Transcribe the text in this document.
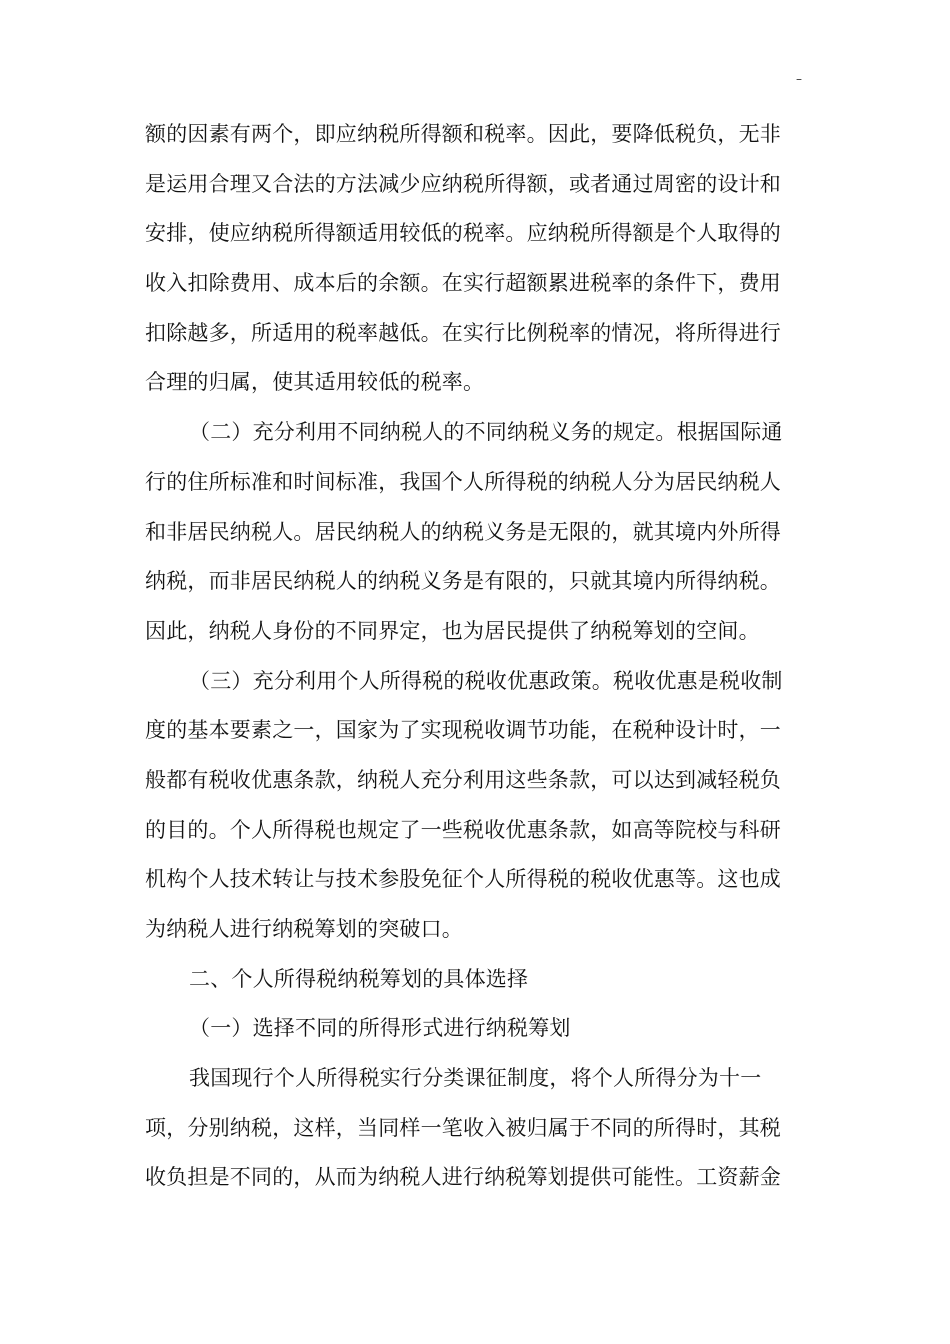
–
额的因素有两个，即应纳税所得额和税率。因此，要降低税负，无非
是运用合理又合法的方法减少应纳税所得额，或者通过周密的设计和
安排，使应纳税所得额适用较低的税率。应纳税所得额是个人取得的
收入扣除费用、成本后的余额。在实行超额累进税率的条件下，费用
扣除越多，所适用的税率越低。在实行比例税率的情况，将所得进行
合理的归属，使其适用较低的税率。
（二）充分利用不同纳税人的不同纳税义务的规定。根据国际通
行的住所标准和时间标准，我国个人所得税的纳税人分为居民纳税人
和非居民纳税人。居民纳税人的纳税义务是无限的，就其境内外所得
纳税，而非居民纳税人的纳税义务是有限的，只就其境内所得纳税。
因此，纳税人身份的不同界定，也为居民提供了纳税筹划的空间。
（三）充分利用个人所得税的税收优惠政策。税收优惠是税收制
度的基本要素之一，国家为了实现税收调节功能，在税种设计时，一
般都有税收优惠条款，纳税人充分利用这些条款，可以达到减轻税负
的目的。个人所得税也规定了一些税收优惠条款，如高等院校与科研
机构个人技术转让与技术参股免征个人所得税的税收优惠等。这也成
为纳税人进行纳税筹划的突破口。
二、个人所得税纳税筹划的具体选择
（一）选择不同的所得形式进行纳税筹划
我国现行个人所得税实行分类课征制度，将个人所得分为十一
项，分别纳税，这样，当同样一笔收入被归属于不同的所得时，其税
收负担是不同的，从而为纳税人进行纳税筹划提供可能性。工资薪金
